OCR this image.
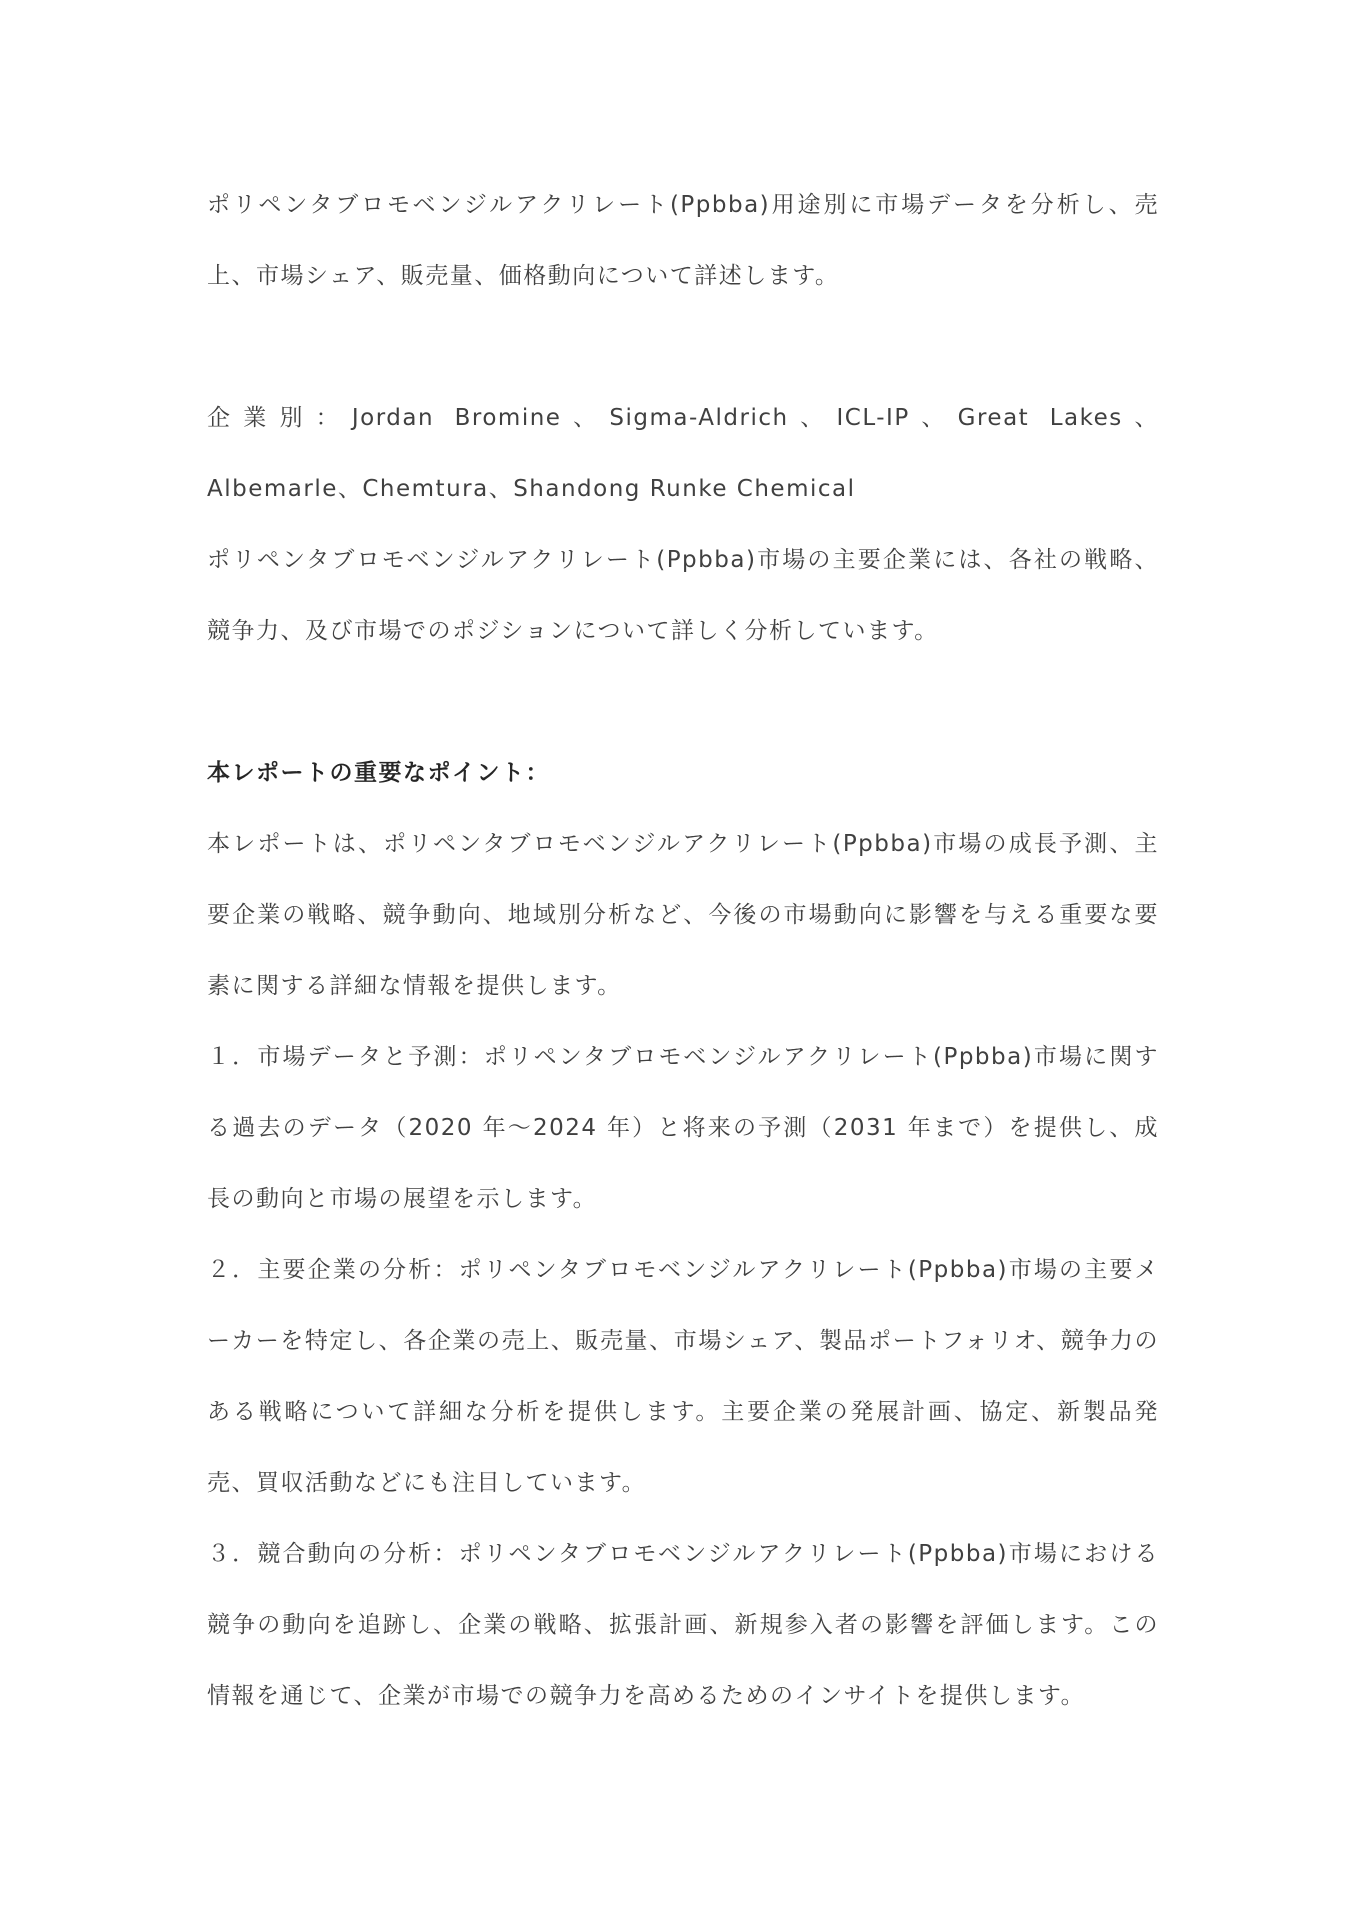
ポリペンタブロモベンジルアクリレート(Ppbba)用途別に市場データを分析し、売上、市場シェア、販売量、価格動向について詳述します。

企業別：Jordan Bromine、Sigma-Aldrich、ICL-IP、Great Lakes、Albemarle、Chemtura、Shandong Runke Chemical

ポリペンタブロモベンジルアクリレート(Ppbba)市場の主要企業には、各社の戦略、競争力、及び市場でのポジションについて詳しく分析しています。

本レポートの重要なポイント：

本レポートは、ポリペンタブロモベンジルアクリレート(Ppbba)市場の成長予測、主要企業の戦略、競争動向、地域別分析など、今後の市場動向に影響を与える重要な要素に関する詳細な情報を提供します。

１．市場データと予測：ポリペンタブロモベンジルアクリレート(Ppbba)市場に関する過去のデータ（2020 年～2024 年）と将来の予測（2031 年まで）を提供し、成長の動向と市場の展望を示します。

２．主要企業の分析：ポリペンタブロモベンジルアクリレート(Ppbba)市場の主要メーカーを特定し、各企業の売上、販売量、市場シェア、製品ポートフォリオ、競争力のある戦略について詳細な分析を提供します。主要企業の発展計画、協定、新製品発売、買収活動などにも注目しています。

３．競合動向の分析：ポリペンタブロモベンジルアクリレート(Ppbba)市場における競争の動向を追跡し、企業の戦略、拡張計画、新規参入者の影響を評価します。この情報を通じて、企業が市場での競争力を高めるためのインサイトを提供します。
